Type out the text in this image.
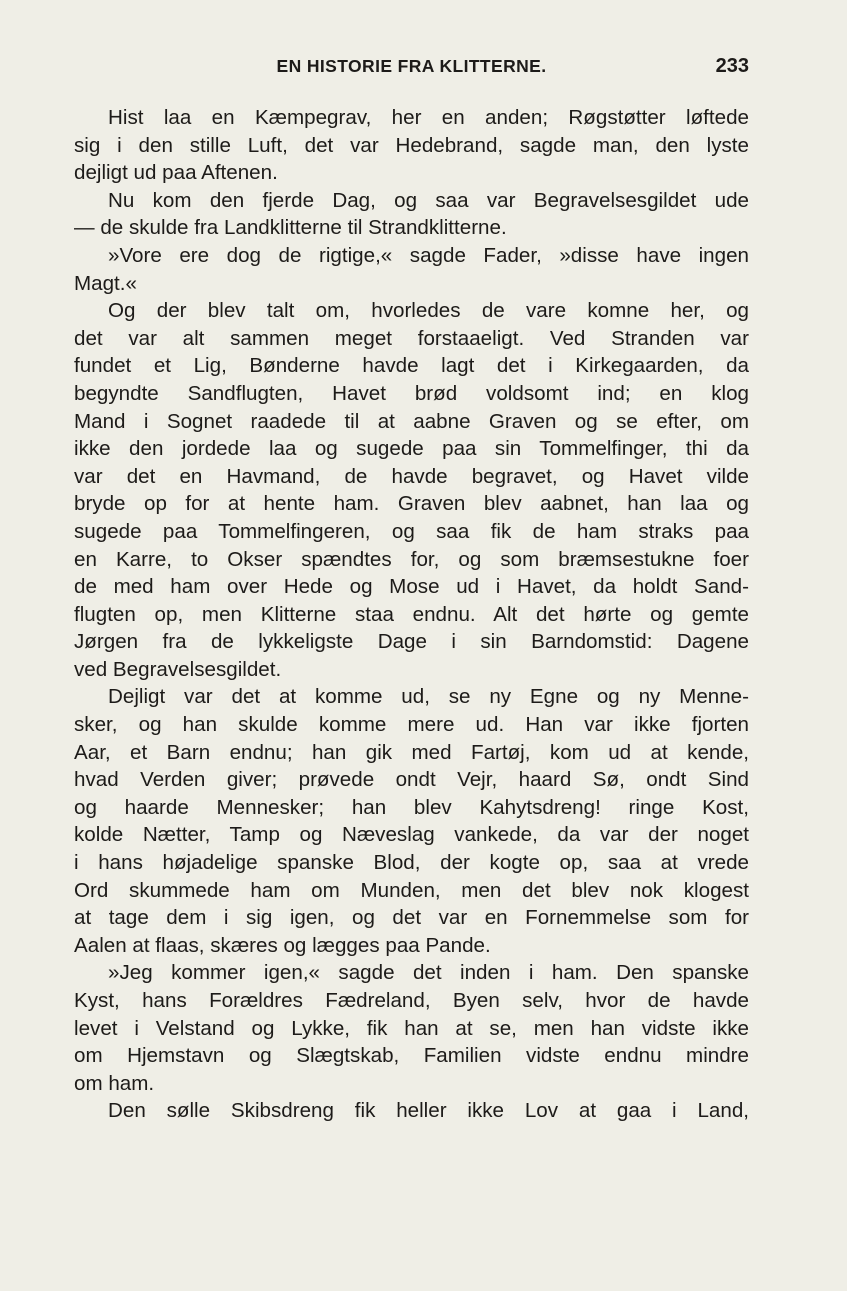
EN HISTORIE FRA KLITTERNE.	233
Hist laa en Kæmpegrav, her en anden; Røgstøtter løftede
sig i den stille Luft, det var Hedebrand, sagde man, den lyste
dejligt ud paa Aftenen.
Nu kom den fjerde Dag, og saa var Begravelsesgildet ude
— de skulde fra Landklitterne til Strandklitterne.
»Vore ere dog de rigtige,« sagde Fader, »disse have ingen
Magt.«
Og der blev talt om, hvorledes de vare komne her, og
det var alt sammen meget forstaaeligt. Ved Stranden var
fundet et Lig, Bønderne havde lagt det i Kirkegaarden, da
begyndte Sandflugten, Havet brød voldsomt ind; en klog
Mand i Sognet raadede til at aabne Graven og se efter, om
ikke den jordede laa og sugede paa sin Tommelfinger, thi da
var det en Havmand, de havde begravet, og Havet vilde
bryde op for at hente ham. Graven blev aabnet, han laa og
sugede paa Tommelfingeren, og saa fik de ham straks paa
en Karre, to Okser spændtes for, og som bræmsestukne foer
de med ham over Hede og Mose ud i Havet, da holdt Sand-
flugten op, men Klitterne staa endnu. Alt det hørte og gemte
Jørgen fra de lykkeligste Dage i sin Barndomstid: Dagene
ved Begravelsesgildet.
Dejligt var det at komme ud, se ny Egne og ny Menne-
sker, og han skulde komme mere ud. Han var ikke fjorten
Aar, et Barn endnu; han gik med Fartøj, kom ud at kende,
hvad Verden giver; prøvede ondt Vejr, haard Sø, ondt Sind
og haarde Mennesker; han blev Kahytsdreng! ringe Kost,
kolde Nætter, Tamp og Næveslag vankede, da var der noget
i hans højadelige spanske Blod, der kogte op, saa at vrede
Ord skummede ham om Munden, men det blev nok klogest
at tage dem i sig igen, og det var en Fornemmelse som for
Aalen at flaas, skæres og lægges paa Pande.
»Jeg kommer igen,« sagde det inden i ham. Den spanske
Kyst, hans Forældres Fædreland, Byen selv, hvor de havde
levet i Velstand og Lykke, fik han at se, men han vidste ikke
om Hjemstavn og Slægtskab, Familien vidste endnu mindre
om ham.
Den sølle Skibsdreng fik heller ikke Lov at gaa i Land,
